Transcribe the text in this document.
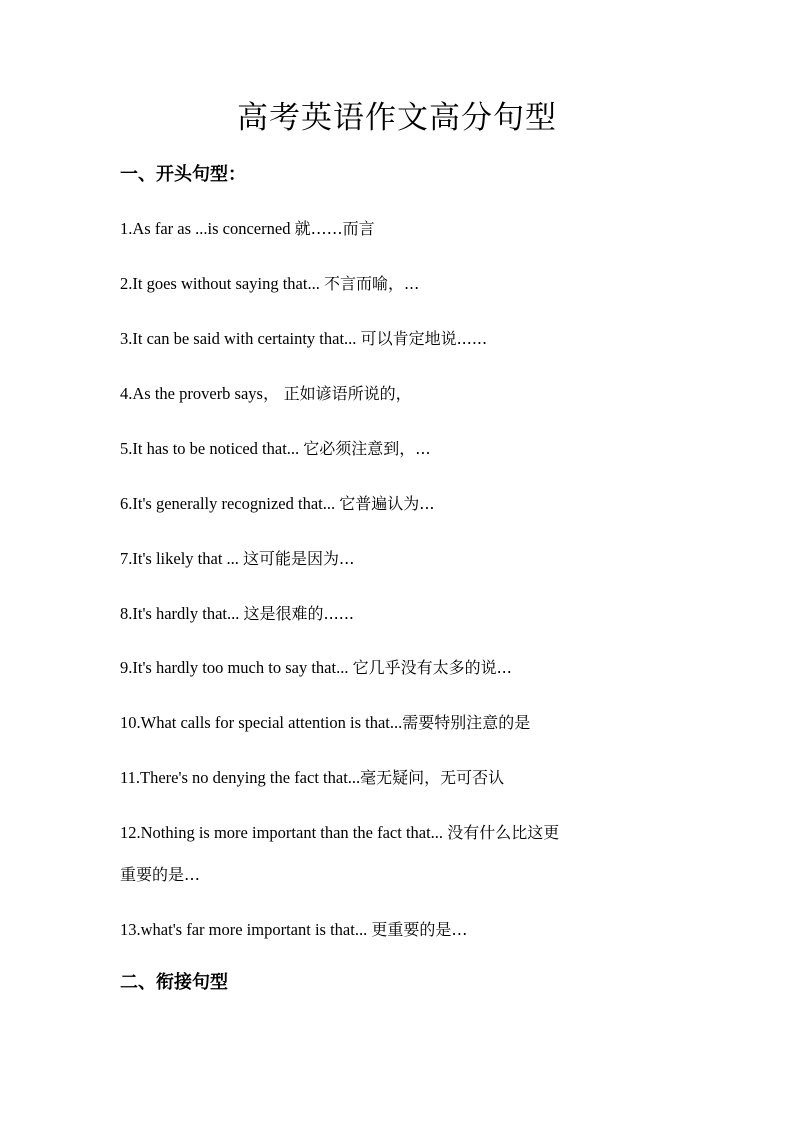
高考英语作文高分句型
一、开头句型：

1.As far as ...is concerned 就……而言

2.It goes without saying that... 不言而喻，...

3.It can be said with certainty that... 可以肯定地说......

4.As the proverb says， 正如谚语所说的，

5.It has to be noticed that... 它必须注意到，...

6.It's generally recognized that... 它普遍认为...

7.It's likely that ... 这可能是因为...

8.It's hardly that... 这是很难的......

9.It's hardly too much to say that... 它几乎没有太多的说...

10.What calls for special attention is that...需要特别注意的是

11.There's no denying the fact that...毫无疑问，无可否认

12.Nothing is more important than the fact that... 没有什么比这更

重要的是…

13.what's far more important is that... 更重要的是…

二、衔接句型
